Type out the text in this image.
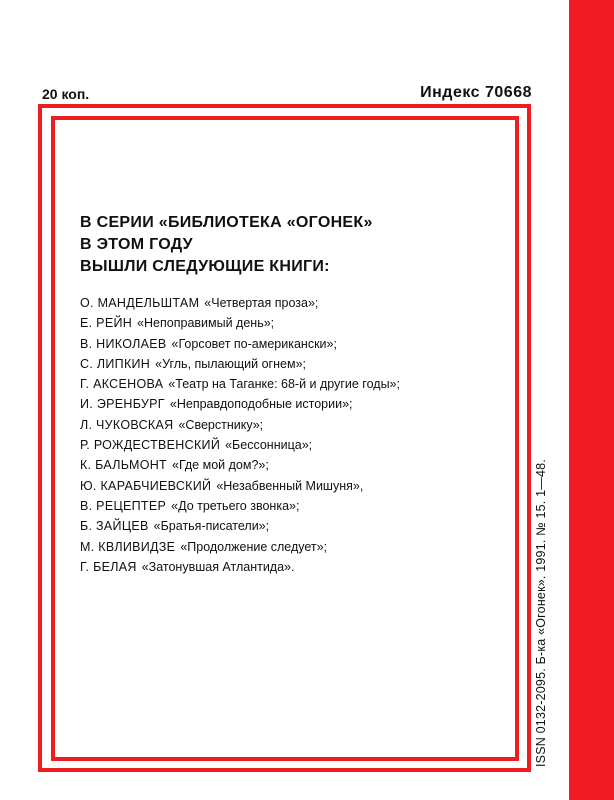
20 коп.	Индекс 70668
В СЕРИИ «БИБЛИОТЕКА «ОГОНЕК»
В ЭТОМ ГОДУ
ВЫШЛИ СЛЕДУЮЩИЕ КНИГИ:
О. МАНДЕЛЬШТАМ «Четвертая проза»;
Е. РЕЙН «Непоправимый день»;
В. НИКОЛАЕВ «Горсовет по-американски»;
С. ЛИПКИН «Угль, пылающий огнем»;
Г. АКСЕНОВА «Театр на Таганке: 68-й и другие годы»;
И. ЭРЕНБУРГ «Неправдоподобные истории»;
Л. ЧУКОВСКАЯ «Сверстнику»;
Р. РОЖДЕСТВЕНСКИЙ «Бессонница»;
К. БАЛЬМОНТ «Где мой дом?»;
Ю. КАРАБЧИЕВСКИЙ «Незабвенный Мишуня»,
В. РЕЦЕПТЕР «До третьего звонка»;
Б. ЗАЙЦЕВ «Братья-писатели»;
М. КВЛИВИДЗЕ «Продолжение следует»;
Г. БЕЛАЯ «Затонувшая Атлантида».	ISSN 0132-2095. Б-ка «Огонек». 1991. № 15. 1—48.
